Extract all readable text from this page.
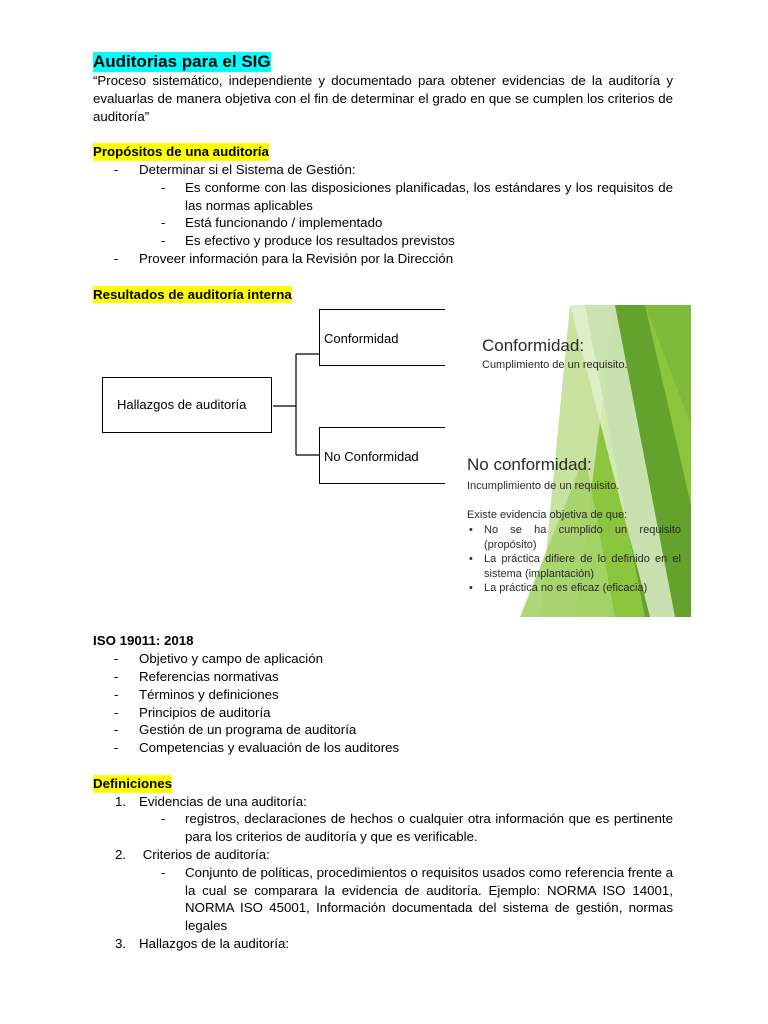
Auditorias para el SIG

“Proceso sistemático, independiente y documentado para obtener evidencias de la auditoría y evaluarlas de manera objetiva con el fin de determinar el grado en que se cumplen los criterios de auditoría”

Propósitos de una auditoría

- Determinar si el Sistema de Gestión:
- Es conforme con las disposiciones planificadas, los estándares y los requisitos de las normas aplicables
- Está funcionando / implementado
- Es efectivo y produce los resultados previstos
- Proveer información para la Revisión por la Dirección

Resultados de auditoría interna

Hallazgos de auditoría
Conformidad
No Conformidad
Conformidad:
Cumplimiento de un requisito.
No conformidad:
Incumplimiento de un requisito.
Existe evidencia objetiva de que:
• No se ha cumplido un requisito (propósito)
• La práctica difiere de lo definido en el sistema (implantación)
• La práctica no es eficaz (eficacia)

ISO 19011: 2018

- Objetivo y campo de aplicación
- Referencias normativas
- Términos y definiciones
- Principios de auditoría
- Gestión de un programa de auditoría
- Competencias y evaluación de los auditores

Definiciones

1. Evidencias de una auditoría:
- registros, declaraciones de hechos o cualquier otra información que es pertinente para los criterios de auditoría y que es verificable.
2. Criterios de auditoría:
- Conjunto de políticas, procedimientos o requisitos usados como referencia frente a la cual se comparara la evidencia de auditoría. Ejemplo: NORMA ISO 14001, NORMA ISO 45001, Información documentada del sistema de gestión, normas legales
3. Hallazgos de la auditoría:
